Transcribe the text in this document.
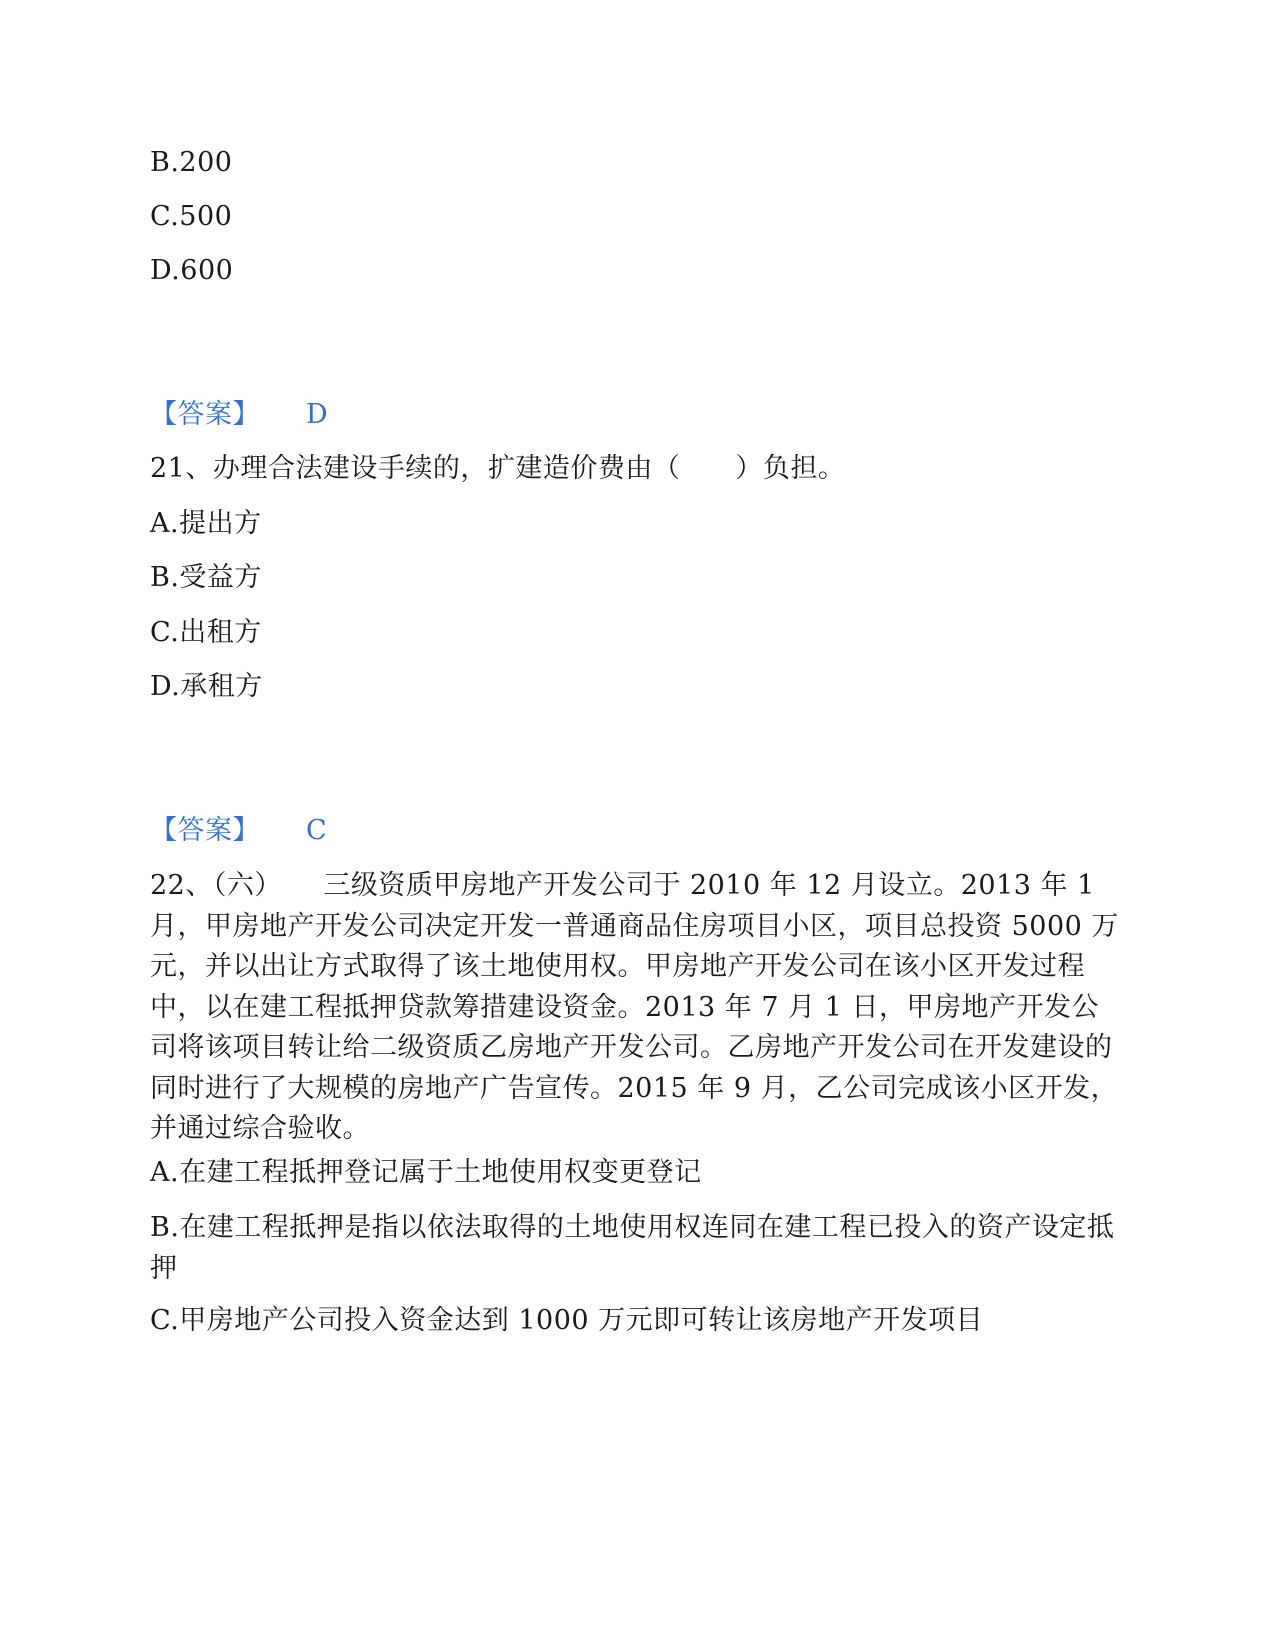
B.200
C.500
D.600
【答案】 D
21、办理合法建设手续的，扩建造价费由（　　）负担。
A.提出方
B.受益方
C.出租方
D.承租方
【答案】 C
22、（六）　　三级资质甲房地产开发公司于 2010 年 12 月设立。2013 年 1 月，甲房地产开发公司决定开发一普通商品住房项目小区，项目总投资 5000 万元，并以出让方式取得了该土地使用权。甲房地产开发公司在该小区开发过程中，以在建工程抵押贷款筹措建设资金。2013 年 7 月 1 日，甲房地产开发公司将该项目转让给二级资质乙房地产开发公司。乙房地产开发公司在开发建设的同时进行了大规模的房地产广告宣传。2015 年 9 月，乙公司完成该小区开发，并通过综合验收。
A.在建工程抵押登记属于土地使用权变更登记
B.在建工程抵押是指以依法取得的土地使用权连同在建工程已投入的资产设定抵押
C.甲房地产公司投入资金达到 1000 万元即可转让该房地产开发项目
